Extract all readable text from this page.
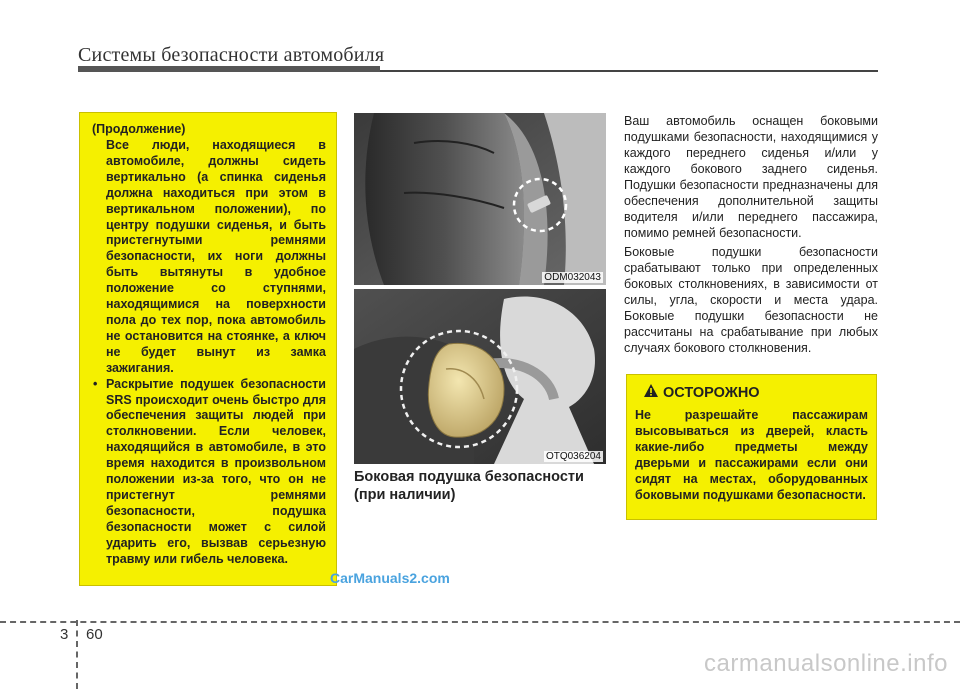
Системы безопасности автомобиля
(Продолжение)

Все люди, находящиеся в автомобиле, должны сидеть вертикально (а спинка сиденья должна находиться при этом в вертикальном положении), по центру подушки сиденья, и быть пристегнутыми ремнями безопасности, их ноги должны быть вытянуты в удобное положение со ступнями, находящимися на поверхности пола до тех пор, пока автомобиль не остановится на стоянке, а ключ не будет вынут из замка зажигания.

• Раскрытие подушек безопасности SRS происходит очень быстро для обеспечения защиты людей при столкновении. Если человек, находящийся в автомобиле, в это время находится в произвольном положении из-за того, что он не пристегнут ремнями безопасности, подушка безопасности может с силой ударить его, вызвав серьезную травму или гибель человека.

ODM032043
OTQ036204
Боковая подушка безопасности (при наличии)

Ваш автомобиль оснащен боковыми подушками безопасности, находящимися у каждого переднего сиденья и/или у каждого бокового заднего сиденья. Подушки безопасности предназначены для обеспечения дополнительной защиты водителя и/или переднего пассажира, помимо ремней безопасности.

Боковые подушки безопасности срабатывают только при определенных боковых столкновениях, в зависимости от силы, угла, скорости и места удара. Боковые подушки безопасности не рассчитаны на срабатывание при любых случаях бокового столкновения.

ОСТОРОЖНО

Не разрешайте пассажирам высовываться из дверей, класть какие-либо предметы между дверьми и пассажирами если они сидят на местах, оборудованных боковыми подушками безопасности.

CarManuals2.com
3 60
carmanualsonline.info
